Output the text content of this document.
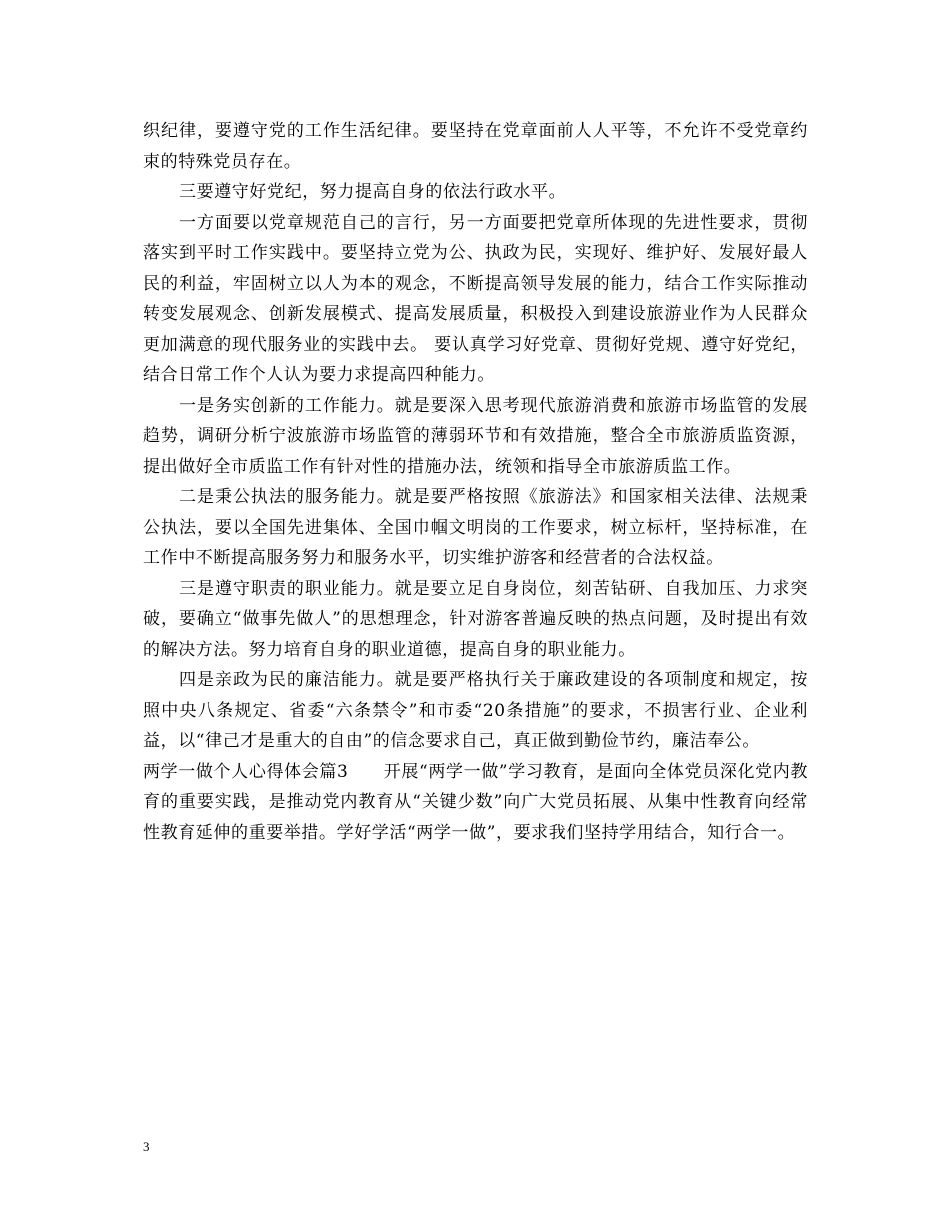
织纪律，要遵守党的工作生活纪律。要坚持在党章面前人人平等，不允许不受党章约束的特殊党员存在。

三要遵守好党纪，努力提高自身的依法行政水平。

一方面要以党章规范自己的言行，另一方面要把党章所体现的先进性要求，贯彻落实到平时工作实践中。要坚持立党为公、执政为民，实现好、维护好、发展好最人民的利益，牢固树立以人为本的观念，不断提高领导发展的能力，结合工作实际推动转变发展观念、创新发展模式、提高发展质量，积极投入到建设旅游业作为人民群众更加满意的现代服务业的实践中去。 要认真学习好党章、贯彻好党规、遵守好党纪，结合日常工作个人认为要力求提高四种能力。

一是务实创新的工作能力。就是要深入思考现代旅游消费和旅游市场监管的发展趋势，调研分析宁波旅游市场监管的薄弱环节和有效措施，整合全市旅游质监资源，提出做好全市质监工作有针对性的措施办法，统领和指导全市旅游质监工作。

二是秉公执法的服务能力。就是要严格按照《旅游法》和国家相关法律、法规秉公执法，要以全国先进集体、全国巾帼文明岗的工作要求，树立标杆，坚持标准，在工作中不断提高服务努力和服务水平，切实维护游客和经营者的合法权益。

三是遵守职责的职业能力。就是要立足自身岗位，刻苦钻研、自我加压、力求突破，要确立“做事先做人”的思想理念，针对游客普遍反映的热点问题，及时提出有效的解决方法。努力培育自身的职业道德，提高自身的职业能力。

四是亲政为民的廉洁能力。就是要严格执行关于廉政建设的各项制度和规定，按照中央八条规定、省委“六条禁令”和市委“20条措施”的要求，不损害行业、企业利益，以“律己才是重大的自由”的信念要求自己，真正做到勤俭节约，廉洁奉公。

两学一做个人心得体会篇3　　开展“两学一做”学习教育，是面向全体党员深化党内教育的重要实践，是推动党内教育从“关键少数”向广大党员拓展、从集中性教育向经常性教育延伸的重要举措。学好学活“两学一做”，要求我们坚持学用结合，知行合一。

3
